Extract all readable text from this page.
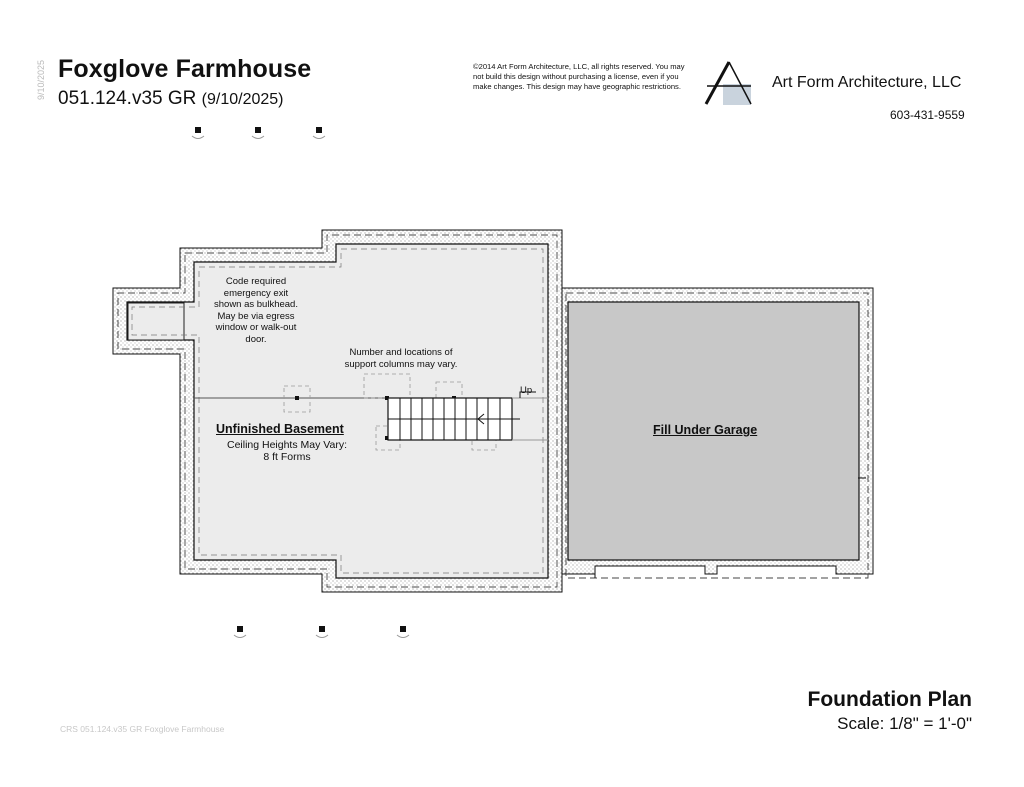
9/10/2025 Foxglove Farmhouse
051.124.v35 GR (9/10/2025)
©2014 Art Form Architecture, LLC, all rights reserved. You may
not build this design without purchasing a license, even if you
make changes. This design may have geographic restrictions.	Art Form Architecture, LLC
603-431-9559
Code required
emergency exit
shown as bulkhead.
May be via egress
window or walk-out
door.
Number and locations of
support columns may vary.
Up
Unfinished Basement
Ceiling Heights May Vary:
8 ft Forms
Fill Under Garage
Foundation Plan
Scale: 1/8" = 1'-0"
CRS 051.124.v35 GR Foxglove Farmhouse
